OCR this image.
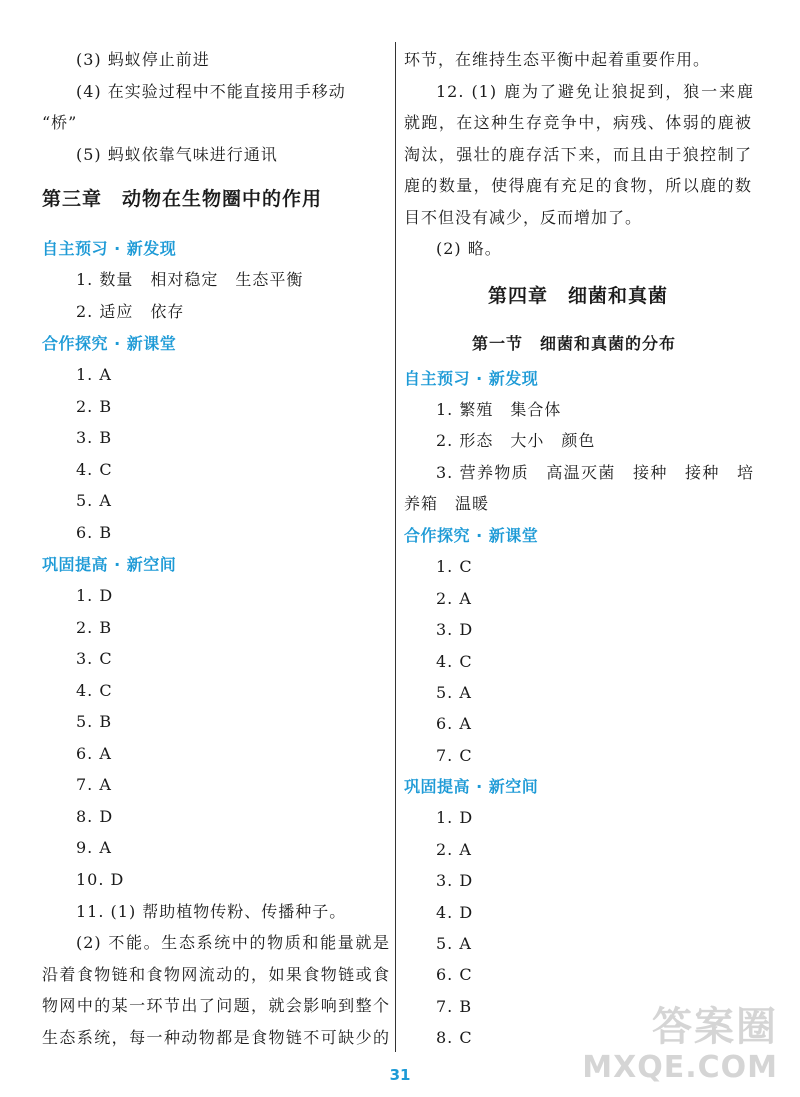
(3) 蚂蚁停止前进
(4) 在实验过程中不能直接用手移动
“桥”
(5) 蚂蚁依靠气味进行通讯
第三章　动物在生物圈中的作用
自主预习 · 新发现
1. 数量　相对稳定　生态平衡
2. 适应　依存
合作探究 · 新课堂
1. A
2. B
3. B
4. C
5. A
6. B
巩固提高 · 新空间
1. D
2. B
3. C
4. C
5. B
6. A
7. A
8. D
9. A
10. D
11. (1) 帮助植物传粉、传播种子。
(2) 不能。生态系统中的物质和能量就是
沿着食物链和食物网流动的，如果食物链或食
物网中的某一环节出了问题，就会影响到整个
生态系统，每一种动物都是食物链不可缺少的
环节，在维持生态平衡中起着重要作用。
12. (1) 鹿为了避免让狼捉到，狼一来鹿
就跑，在这种生存竞争中，病残、体弱的鹿被
淘汰，强壮的鹿存活下来，而且由于狼控制了
鹿的数量，使得鹿有充足的食物，所以鹿的数
目不但没有减少，反而增加了。
(2) 略。
第四章　细菌和真菌
第一节　细菌和真菌的分布
自主预习 · 新发现
1. 繁殖　集合体
2. 形态　大小　颜色
3. 营养物质　高温灭菌　接种　接种　培
养箱　温暖
合作探究 · 新课堂
1. C
2. A
3. D
4. C
5. A
6. A
7. C
巩固提高 · 新空间
1. D
2. A
3. D
4. D
5. A
6. C
7. B
8. C	答案圈
MXQE.COM
31
